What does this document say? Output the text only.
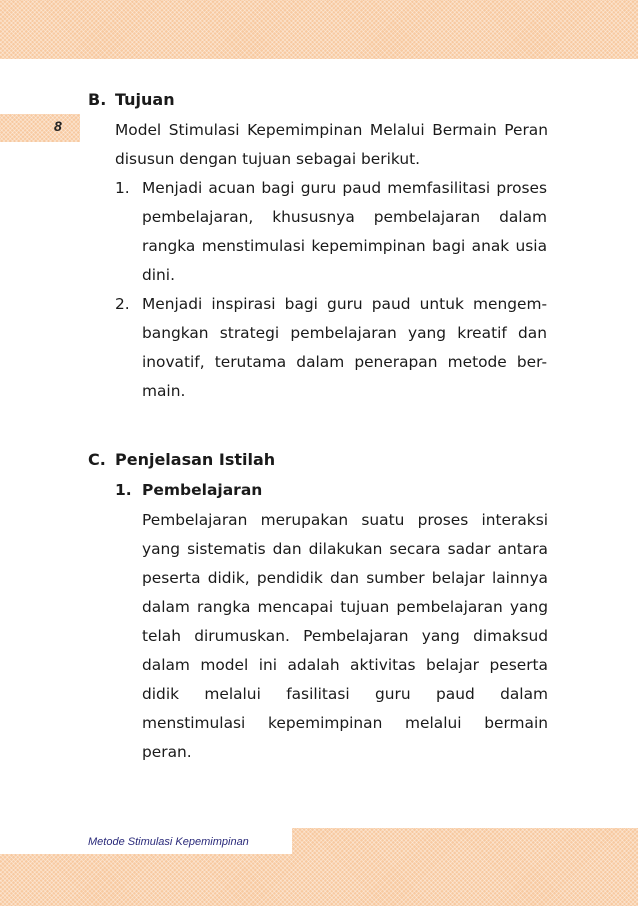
8
B. Tujuan

Model Stimulasi Kepemimpinan Melalui Bermain Peran disusun dengan tujuan sebagai berikut.

1. Menjadi acuan bagi guru paud memfasilitasi proses pembelajaran, khususnya pembelajaran dalam rangka menstimulasi kepemimpinan bagi anak usia dini.
2. Menjadi inspirasi bagi guru paud untuk mengem-bangkan strategi pembelajaran yang kreatif dan inovatif, terutama dalam penerapan metode ber-main.
C. Penjelasan Istilah
1. Pembelajaran

Pembelajaran merupakan suatu proses interaksi yang sistematis dan dilakukan secara sadar antara peserta didik, pendidik dan sumber belajar lainnya dalam rangka mencapai tujuan pembelajaran yang telah dirumuskan. Pembelajaran yang dimaksud dalam model ini adalah aktivitas belajar peserta didik melalui fasilitasi guru paud dalam menstimulasi kepemimpinan melalui bermain peran.

Metode Stimulasi Kepemimpinan
